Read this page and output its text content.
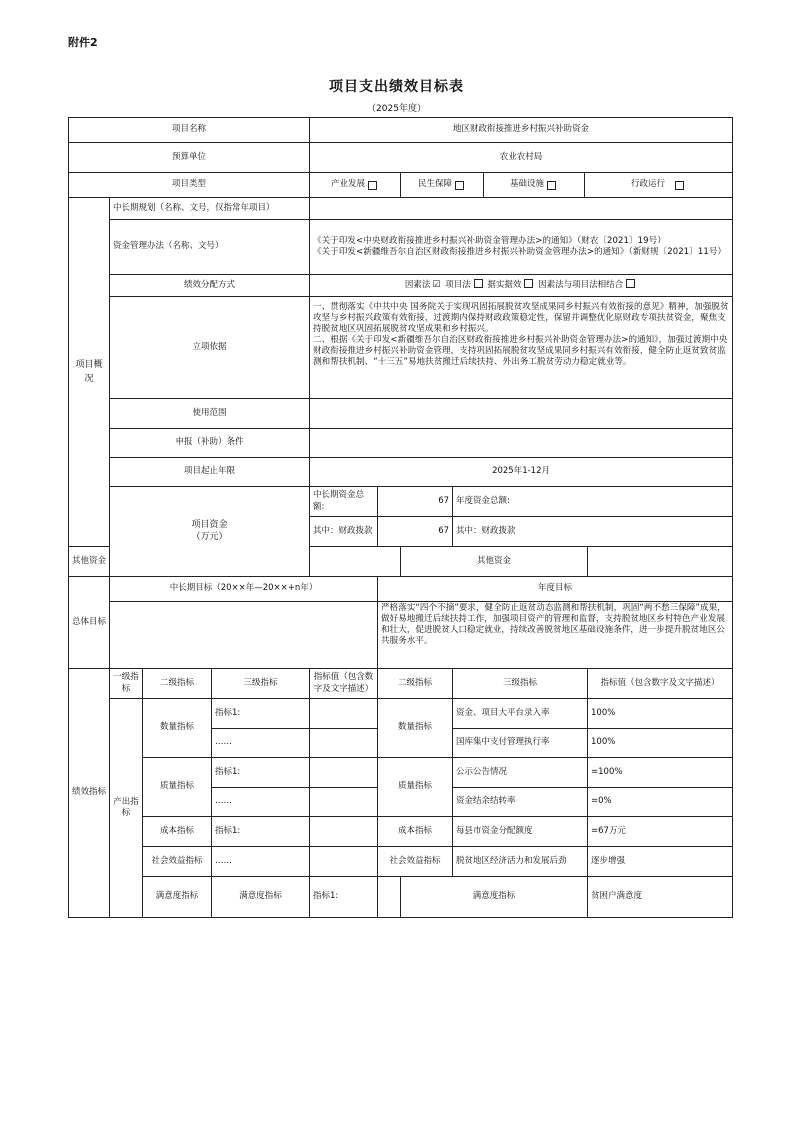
附件2
项目支出绩效目标表
（2025年度）
项目名称				地区财政衔接推进乡村振兴补助资金					
预算单位				农业农村局					
项目类型				产业发展 民生保障 基础设施 行政运行					

项目概况	中长期规划（名称、文号，仅指常年项目）								
	资金管理办法（名称、文号）			《关于印发<中央财政衔接推进乡村振兴补助资金管理办法>的通知》（财农〔2021〕19号）
《关于印发<新疆维吾尔自治区财政衔接推进乡村振兴补助资金管理办法>的通知》（新财规〔2021〕11号）					
	绩效分配方式			因素法 ☑ 项目法 据实据效 因素法与项目法相结合					
	立项依据			一、贯彻落实《中共中央 国务院关于实现巩固拓展脱贫攻坚成果同乡村振兴有效衔接的意见》精神，加强脱贫攻坚与乡村振兴政策有效衔接，过渡期内保持财政政策稳定性，保留并调整优化原财政专项扶贫资金，聚焦支持脱贫地区巩固拓展脱贫攻坚成果和乡村振兴。
二、根据《关于印发<新疆维吾尔自治区财政衔接推进乡村振兴补助资金管理办法>的通知》，加强过渡期中央财政衔接推进乡村振兴补助资金管理，支持巩固拓展脱贫攻坚成果同乡村振兴有效衔接，健全防止返贫致贫监测和帮扶机制、“十三五”易地扶贫搬迁后续扶持、外出务工脱贫劳动力稳定就业等。					
	使用范围								
	申报（补助）条件								
	项目起止年限			2025年1-12月					
	项目资金
（万元）			中长期资金总额:	67		年度资金总额:	
				其中：财政拨款	67		其中：财政拨款	
其他资金						其他资金			
总体目标	中长期目标（20××年—20××+n年）				年度目标				
					严格落实“四个不摘”要求，健全防止返贫动态监测和帮扶机制，巩固“两不愁三保障”成果，做好易地搬迁后续扶持工作，加强项目资产的管理和监督，支持脱贫地区乡村特色产业发展和壮大，促进脱贫人口稳定就业，持续改善脱贫地区基础设施条件，进一步提升脱贫地区公共服务水平。				
绩效指标	一级指标	二级指标	三级指标	指标值（包含数字及文字描述）	二级指标		三级指标	指标值（包含数字及文字描述）	
	产出指标	数量指标	指标1:		数量指标		资金、项目大平台录入率	100%	
			……				国库集中支付管理执行率	100%	
		质量指标	指标1:		质量指标		公示公告情况	=100%	
			……				资金结余结转率	=0%	
		成本指标	指标1:		成本指标		每县市资金分配额度	=67万元	
		社会效益指标	……		社会效益指标		脱贫地区经济活力和发展后劲	逐步增强	
		满意度指标	满意度指标	指标1:		满意度指标		贫困户满意度	
